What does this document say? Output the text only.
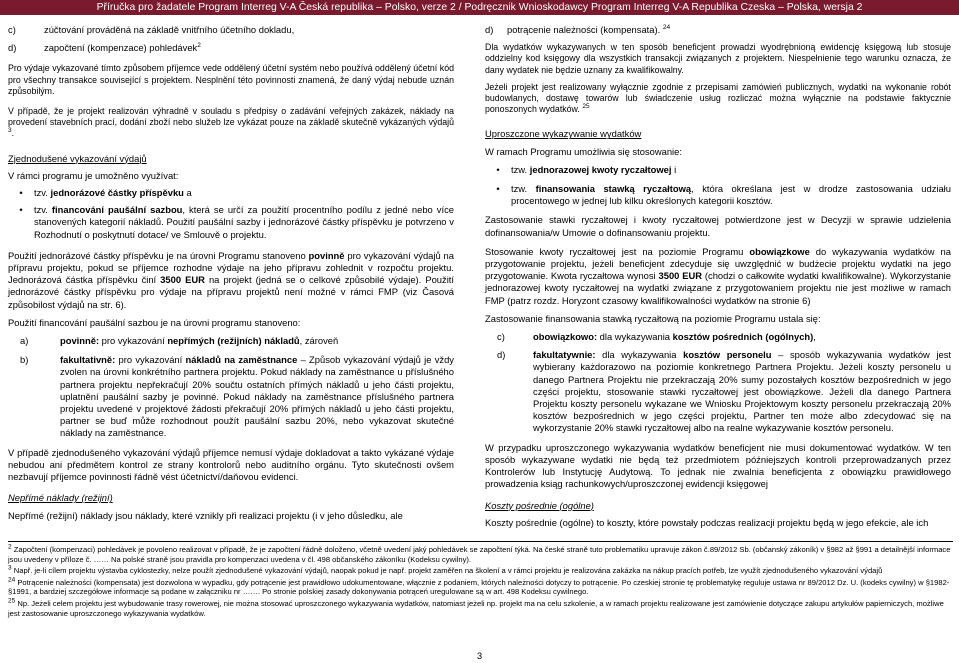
Příručka pro žadatele Program Interreg V-A Česká republika – Polsko, verze 2 / Podręcznik Wnioskodawcy Program Interreg V-A Republika Czeska – Polska, wersja 2
c)	zúčtování prováděná na základě vnitřního účetního dokladu,
d)	započtení (kompenzace) pohledávek$^2$

Pro výdaje vykazované tímto způsobem příjemce vede oddělený účetní systém nebo používá oddělený účetní kód pro všechny transakce související s projektem. Nesplnění této povinnosti znamená, že daný výdaj nebude uznán způsobilým.

V případě, že je projekt realizován výhradně v souladu s předpisy o zadávání veřejných zakázek, náklady na provedení stavebních prací, dodání zboží nebo služeb lze vykázat pouze na základě skutečně vykázaných výdajů $^3$.

Zjednodušené vykazování výdajů

V rámci programu je umožněno využívat:

•	tzv. jednorázové částky příspěvku a
•	tzv. financování paušální sazbou, která se určí za použití procentního podílu z jedné nebo více stanovených kategorií nákladů. Použití paušální sazby i jednorázové částky příspěvku je potvrzeno v Rozhodnutí o poskytnutí dotace/ ve Smlouvě o projektu.

Použití jednorázové částky příspěvku je na úrovni Programu stanoveno povinně pro vykazování výdajů na přípravu projektu, pokud se příjemce rozhodne výdaje na jeho přípravu zohlednit v rozpočtu projektu. Jednorázová částka příspěvku činí 3500 EUR na projekt (jedná se o celkové způsobilé výdaje). Použití jednorázové částky příspěvku pro výdaje na přípravu projektů není možné v rámci FMP (viz Časová způsobilost výdajů na str. 6).

Použití financování paušální sazbou je na úrovni programu stanoveno:

a)	povinně: pro vykazování nepřímých (režijních) nákladů, zároveň
b)	fakultativně: pro vykazování nákladů na zaměstnance – Způsob vykazování výdajů je vždy zvolen na úrovni konkrétního partnera projektu. Pokud náklady na zaměstnance u příslušného partnera projektu nepřekračují 20% součtu ostatních přímých nákladů u jeho části projektu, uplatnění paušální sazby je povinné. Pokud náklady na zaměstnance příslušného partnera projektu uvedené v projektové žádosti překračují 20% přímých nákladů u jeho části projektu, partner se buď může rozhodnout použít paušální sazbu 20%, nebo vykazovat skutečné náklady na zaměstnance.

V případě zjednodušeného vykazování výdajů příjemce nemusí výdaje dokladovat a takto vykázané výdaje nebudou ani předmětem kontrol ze strany kontrolorů nebo auditního orgánu. Tyto skutečnosti ovšem nezbavují příjemce povinnosti řádně vést účetnictví/daňovou evidenci.

Nepřímé náklady (režijní)

Nepřímé (režijní) náklady jsou náklady, které vznikly při realizaci projektu (i v jeho důsledku, ale

d)	potrącenie należności (kompensata). $^{24}$

Dla wydatków wykazywanych w ten sposób beneficjent prowadzi wyodrębnioną ewidencję księgową lub stosuje oddzielny kod księgowy dla wszystkich transakcji związanych z projektem. Niespełnienie tego warunku oznacza, że dany wydatek nie będzie uznany za kwalifikowalny.

Jeżeli projekt jest realizowany wyłącznie zgodnie z przepisami zamówień publicznych, wydatki na wykonanie robót budowlanych, dostawę towarów lub świadczenie usług rozliczać można wyłącznie na podstawie faktycznie ponoszonych wydatków. $^{25}$

Uproszczone wykazywanie wydatków

W ramach Programu umożliwia się stosowanie:

•	tzw. jednorazowej kwoty ryczałtowej i
•	tzw. finansowania stawką ryczałtową, która określana jest w drodze zastosowania udziału procentowego w jednej lub kilku określonych kategorii kosztów.

Zastosowanie stawki ryczałtowej i kwoty ryczałtowej potwierdzone jest w Decyzji w sprawie udzielenia dofinansowania/w Umowie o dofinansowaniu projektu.

Stosowanie kwoty ryczałtowej jest na poziomie Programu obowiązkowe do wykazywania wydatków na przygotowanie projektu, jeżeli beneficjent zdecyduje się uwzględnić w budżecie projektu wydatki na jego przygotowanie. Kwota ryczałtowa wynosi 3500 EUR (chodzi o całkowite wydatki kwalifikowalne). Wykorzystanie jednorazowej kwoty ryczałtowej na wydatki związane z przygotowaniem projektu nie jest możliwe w ramach FMP (patrz rozdz. Horyzont czasowy kwalifikowalności wydatków na stronie 6)

Zastosowanie finansowania stawką ryczałtową na poziomie Programu ustala się:

c)	obowiązkowo: dla wykazywania kosztów pośrednich (ogólnych),
d)	fakultatywnie: dla wykazywania kosztów personelu – sposób wykazywania wydatków jest wybierany każdorazowo na poziomie konkretnego Partnera Projektu. Jeżeli koszty personelu u danego Partnera Projektu nie przekraczają 20% sumy pozostałych kosztów bezpośrednich w jego części projektu, stosowanie stawki ryczałtowej jest obowiązkowe. Jeżeli dla danego Partnera Projektu koszty personelu wykazane we Wniosku Projektowym koszty personelu przekraczają 20% kosztów bezpośrednich w jego części projektu, Partner ten może albo zdecydować się na wykorzystanie 20% stawki ryczałtowej albo na realne wykazywanie kosztów personelu.

W przypadku uproszczonego wykazywania wydatków beneficjent nie musi dokumentować wydatków. W ten sposób wykazywane wydatki nie będą też przedmiotem późniejszych kontroli przeprowadzanych przez Kontrolerów lub Instytucję Audytową. To jednak nie zwalnia beneficjenta z obowiązku prawidłowego prowadzenia ksiąg rachunkowych/uproszczonej ewidencji księgowej

Koszty pośrednie (ogólne)

Koszty pośrednie (ogólne) to koszty, które powstały podczas realizacji projektu będą w jego efekcie, ale ich

$^2$ Započtení (kompenzaci) pohledávek je povoleno realizovat v případě, že je započtení řádně doloženo, včetně uvedení jaký pohledávek se započtení týká. Na české straně tuto problematiku upravuje zákon č.89/2012 Sb. (občanský zákoník) v §982 až §991 a detailnější informace jsou uvedeny v příloze č. …… Na polské straně jsou pravidla pro kompenzaci uvedena v čl. 498 občanského zákoníku (Kodeksu cywilny).

$^3$ Např. je-li cílem projektu výstavba cyklostezky, nelze použít zjednodušené vykazování výdajů, naopak pokud je např. projekt zaměřen na školení a v rámci projektu je realizována zakázka na nákup pracích potřeb, lze využít zjednodušeného vykazování výdajů

$^{24}$ Potrącenie należności (kompensata) jest dozwolona w wypadku, gdy potrącenie jest prawidłowo udokumentowane, włącznie z podaniem, których należności dotyczy to potrącenie. Po czeskiej stronie tę problematykę reguluje ustawa nr 89/2012 Dz. U. (kodeks cywilny) w §1982-§1991, a bardziej szczegółowe informacje są podane w załączniku nr ……. Po stronie polskiej zasady dokonywania potrąceń uregulowane są w art. 498 Kodeksu cywilnego.

$^{25}$ Np. Jeżeli celem projektu jest wybudowanie trasy rowerowej, nie można stosować uproszczonego wykazywania wydatków, natomiast jeżeli np. projekt ma na celu szkolenie, a w ramach projektu realizowane jest zamówienie dotyczące zakupu artykułów papierniczych, możliwe jest zastosowanie uproszczonego wykazywania wydatków.

3
